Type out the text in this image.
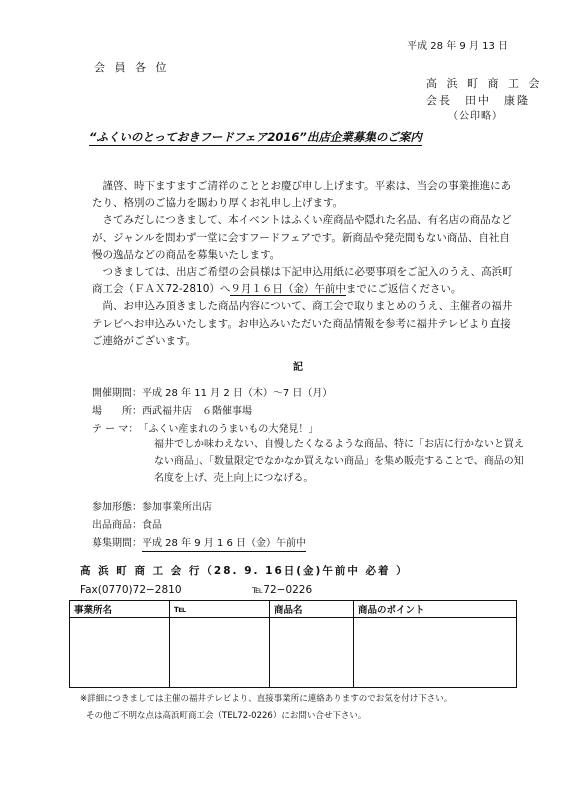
平成 28 年 9 月 13 日
会 員 各 位
高 浜 町 商 工 会
会長　田中　康隆
（公印略）
“ふくいのとっておきフードフェア2016”出店企業募集のご案内

謹啓、時下ますますご清祥のこととお慶び申し上げます。平素は、当会の事業推進にあたり、格別のご協力を賜わり厚くお礼申し上げます。

さてみだしにつきまして、本イベントはふくい産商品や隠れた名品、有名店の商品などが、ジャンルを問わず一堂に会すフードフェアです。新商品や発売間もない商品、自社自慢の逸品などの商品を募集いたします。

つきましては、出店ご希望の会員様は下記申込用紙に必要事項をご記入のうえ、高浜町商工会（ＦＡＸ72-2810）へ９月１６日（金）午前中までにご返信ください。

尚、お申込み頂きました商品内容について、商工会で取りまとめのうえ、主催者の福井テレビへお申込みいたします。お申込みいただいた商品情報を参考に福井テレビより直接ご連絡がございます。

記
開催期間： 平成 28 年 11 月 2 日（木）〜7 日（月）
場　　所： 西武福井店　６階催事場
テ ー マ： 「ふくい産まれのうまいもの大発見！」
福井でしか味わえない、自慢したくなるような商品、特に「お店に行かないと買えない商品」、「数量限定でなかなか買えない商品」を集め販売することで、商品の知名度を上げ、売上向上につなげる。
参加形態： 参加事業所出店
出品商品： 食品
募集期間： 平成 28 年 9 月 1 6 日（金）午前中
高 浜 町 商 工 会 行（28. 9. 16日(金)午前中 必着 ）
Fax(0770)72−2810	℡72−0226
事業所名	℡	商品名	商品のポイント

※詳細につきましては主催の福井テレビより、直接事業所に連絡ありますのでお気を付け下さい。
その他ご不明な点は高浜町商工会（TEL72-0226）にお問い合せ下さい。
